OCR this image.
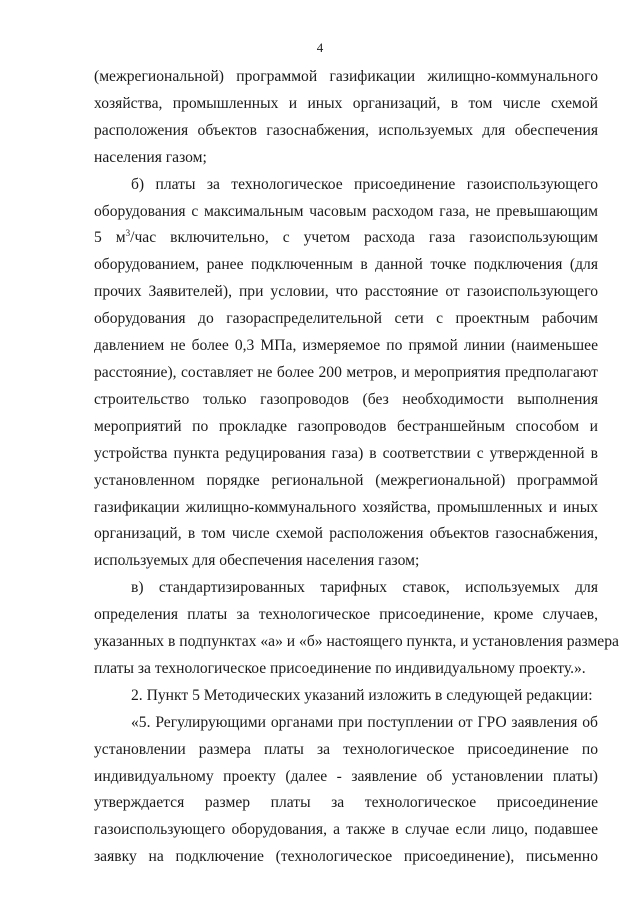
4
(межрегиональной) программой газификации жилищно-коммунального
хозяйства, промышленных и иных организаций, в том числе схемой
расположения объектов газоснабжения, используемых для обеспечения
населения газом;
б) платы за технологическое присоединение газоиспользующего
оборудования с максимальным часовым расходом газа, не превышающим
5 $м^3$/час включительно, с учетом расхода газа газоиспользующим
оборудованием, ранее подключенным в данной точке подключения (для
прочих Заявителей), при условии, что расстояние от газоиспользующего
оборудования до газораспределительной сети с проектным рабочим
давлением не более 0,3 МПа, измеряемое по прямой линии (наименьшее
расстояние), составляет не более 200 метров, и мероприятия предполагают
строительство только газопроводов (без необходимости выполнения
мероприятий по прокладке газопроводов бестраншейным способом и
устройства пункта редуцирования газа) в соответствии с утвержденной в
установленном порядке региональной (межрегиональной) программой
газификации жилищно-коммунального хозяйства, промышленных и иных
организаций, в том числе схемой расположения объектов газоснабжения,
используемых для обеспечения населения газом;
в) стандартизированных тарифных ставок, используемых для
определения платы за технологическое присоединение, кроме случаев,
указанных в подпунктах «а» и «б» настоящего пункта, и установления размера
платы за технологическое присоединение по индивидуальному проекту.».
2. Пункт 5 Методических указаний изложить в следующей редакции:
«5. Регулирующими органами при поступлении от ГРО заявления об
установлении размера платы за технологическое присоединение по
индивидуальному проекту (далее - заявление об установлении платы)
утверждается размер платы за технологическое присоединение
газоиспользующего оборудования, а также в случае если лицо, подавшее
заявку на подключение (технологическое присоединение), письменно
